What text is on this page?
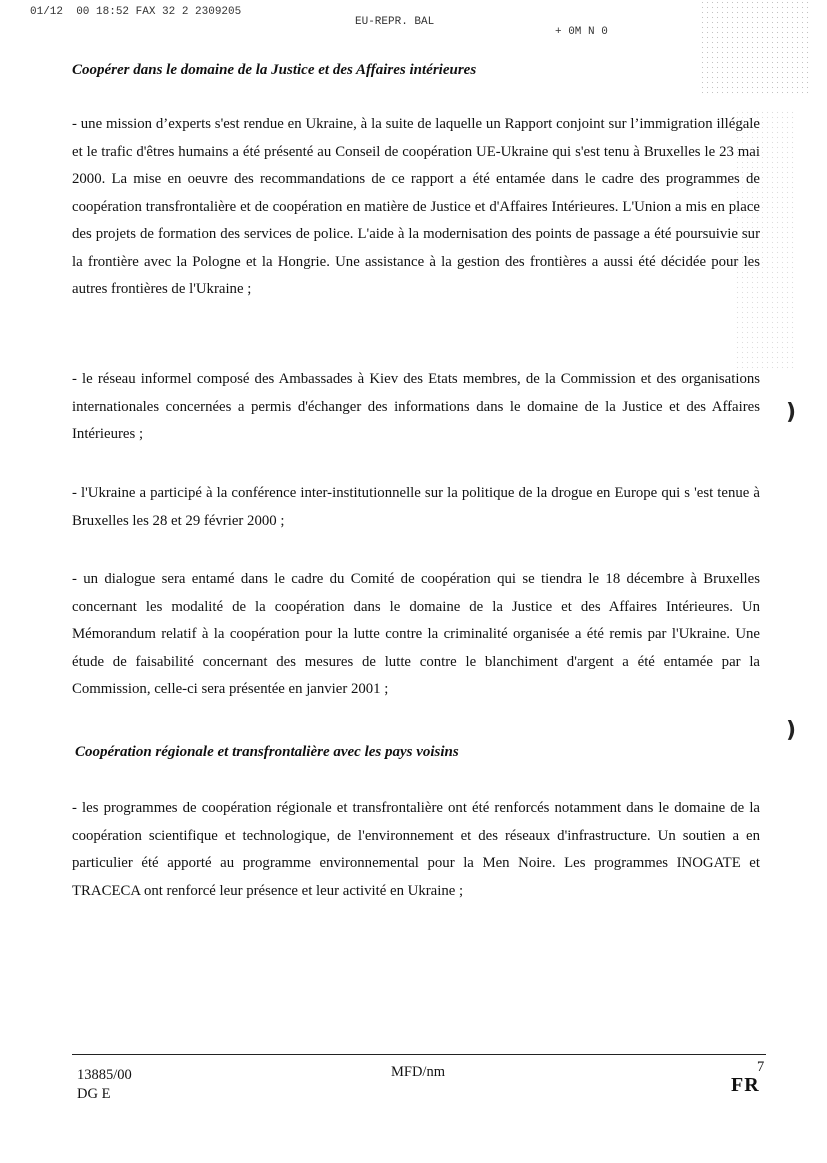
01/12  00 18:52 FAX 32 2 2309205

EU-REPR. BAL

+ 0M N 0

Coopérer dans le domaine de la Justice et des Affaires intérieures

- une mission d’experts s'est rendue en Ukraine, à la suite de laquelle un Rapport conjoint sur l’immigration illégale et le trafic d'êtres humains a été présenté au Conseil de coopération UE-Ukraine qui s'est tenu à Bruxelles le 23 mai 2000. La mise en oeuvre des recommandations de ce rapport a été entamée dans le cadre des programmes de coopération transfrontalière et de coopération en matière de Justice et d'Affaires Intérieures. L'Union a mis en place des projets de formation des services de police. L'aide à la modernisation des points de passage a été poursuivie sur la frontière avec la Pologne et la Hongrie. Une assistance à la gestion des frontières a aussi été décidée pour les autres frontières de l'Ukraine ;

- le réseau informel composé des Ambassades à Kiev des Etats membres, de la Commission et des organisations internationales concernées a permis d'échanger des informations dans le domaine de la Justice et des Affaires Intérieures ;

- l'Ukraine a participé à la conférence inter-institutionnelle sur la politique de la drogue en Europe qui s 'est tenue à Bruxelles les 28 et 29 février 2000 ;

- un dialogue sera entamé dans le cadre du Comité de coopération qui se tiendra le 18 décembre à Bruxelles concernant les modalité de la coopération dans le domaine de la Justice et des Affaires Intérieures. Un Mémorandum relatif à la coopération pour la lutte contre la criminalité organisée a été remis par l'Ukraine. Une étude de faisabilité concernant des mesures de lutte contre le blanchiment d'argent a été entamée par la Commission, celle-ci sera présentée en janvier 2001 ;

)
)
Coopération régionale et transfrontalière avec les pays voisins

- les programmes de coopération régionale et transfrontalière ont été renforcés notamment dans le domaine de la coopération scientifique et technologique, de l'environnement et des réseaux d'infrastructure. Un soutien a en particulier été apporté au programme environnemental pour la Men Noire. Les programmes INOGATE et TRACECA ont renforcé leur présence et leur activité en Ukraine ;

13885/00

DG E

MFD/nm	7

FR
